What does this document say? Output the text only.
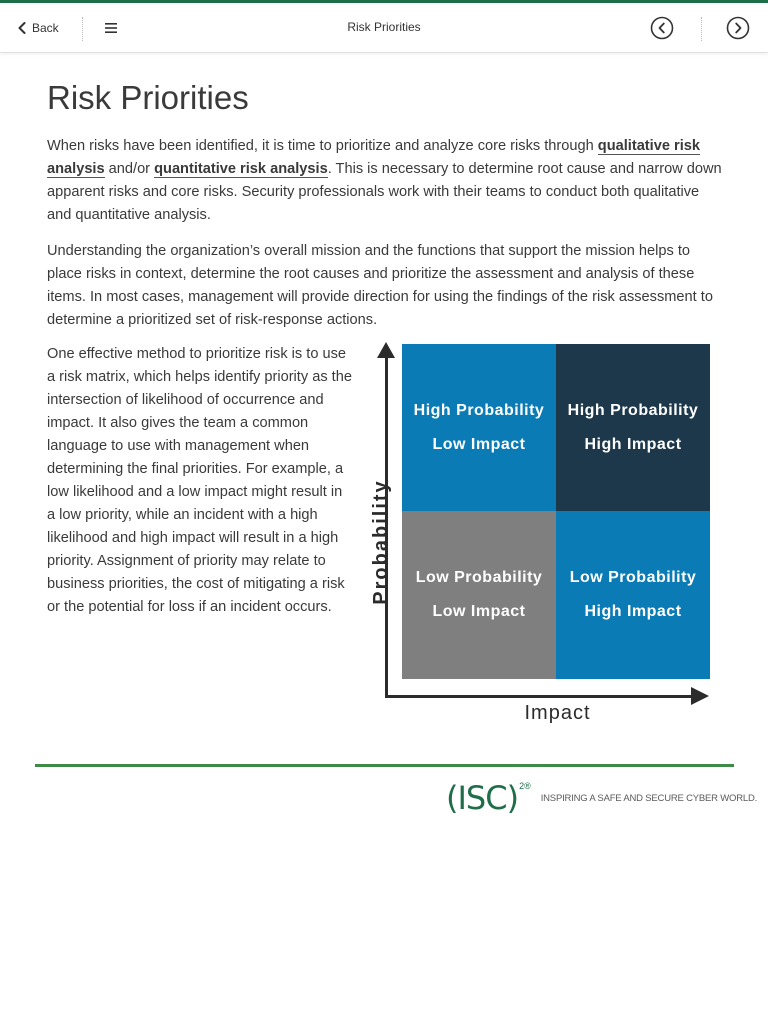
Back	Risk Priorities
Risk Priorities

When risks have been identified, it is time to prioritize and analyze core risks through qualitative risk analysis and/or quantitative risk analysis. This is necessary to determine root cause and narrow down apparent risks and core risks. Security professionals work with their teams to conduct both qualitative and quantitative analysis.

Understanding the organization’s overall mission and the functions that support the mission helps to place risks in context, determine the root causes and prioritize the assessment and analysis of these items. In most cases, management will provide direction for using the findings of the risk assessment to determine a prioritized set of risk-response actions.

One effective method to prioritize risk is to use a risk matrix, which helps identify priority as the intersection of likelihood of occurrence and impact. It also gives the team a common language to use with management when determining the final priorities. For example, a low likelihood and a low impact might result in a low priority, while an incident with a high likelihood and high impact will result in a high priority. Assignment of priority may relate to business priorities, the cost of mitigating a risk or the potential for loss if an incident occurs.

Probability
Impact
High Probability
Low Impact
High Probability
High Impact
Low Probability
Low Impact
Low Probability
High Impact
(ISC) 2®
INSPIRING A SAFE AND SECURE CYBER WORLD.
